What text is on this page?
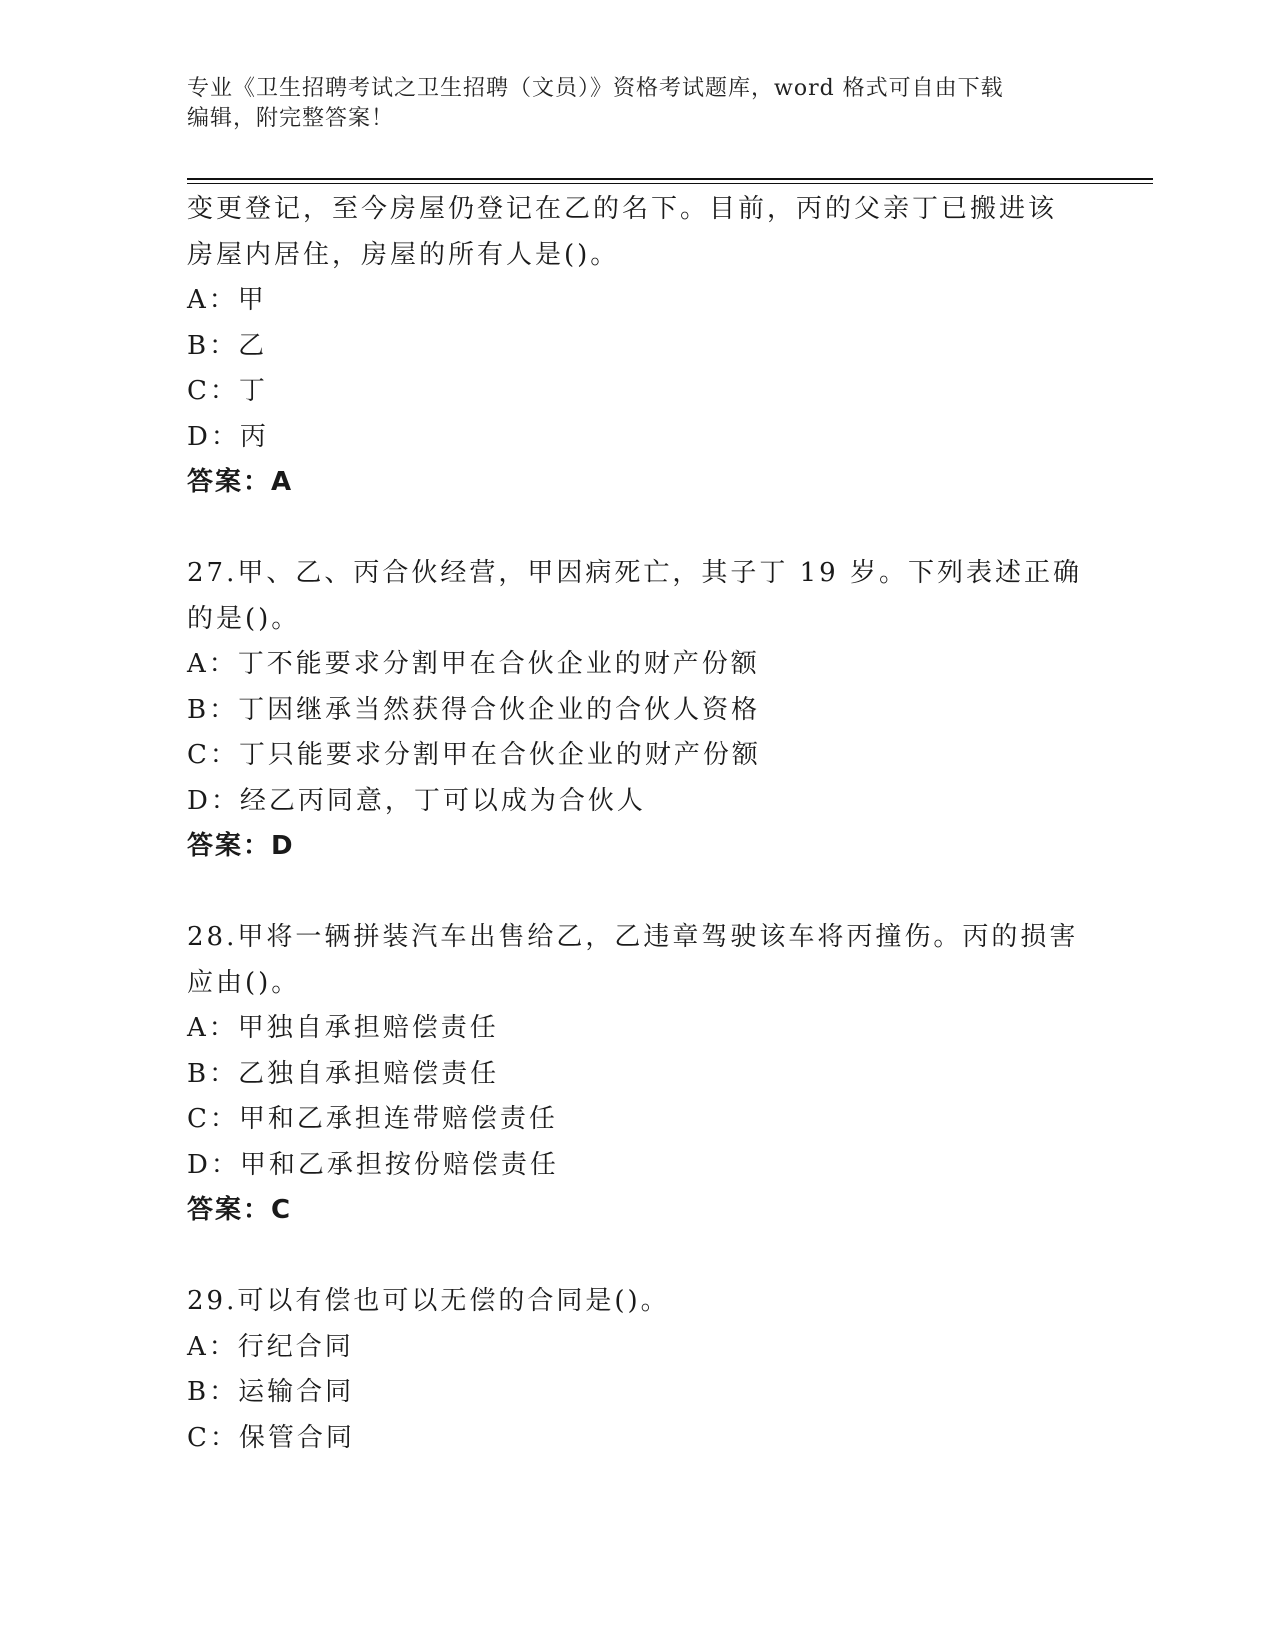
专业《卫生招聘考试之卫生招聘（文员）》资格考试题库，word 格式可自由下载
编辑，附完整答案！
变更登记，至今房屋仍登记在乙的名下。目前，丙的父亲丁已搬进该
房屋内居住，房屋的所有人是()。
A：甲
B：乙
C：丁
D：丙
答案：A
27.甲、乙、丙合伙经营，甲因病死亡，其子丁 19 岁。下列表述正确
的是()。
A：丁不能要求分割甲在合伙企业的财产份额
B：丁因继承当然获得合伙企业的合伙人资格
C：丁只能要求分割甲在合伙企业的财产份额
D：经乙丙同意，丁可以成为合伙人
答案：D
28.甲将一辆拼装汽车出售给乙，乙违章驾驶该车将丙撞伤。丙的损害
应由()。
A：甲独自承担赔偿责任
B：乙独自承担赔偿责任
C：甲和乙承担连带赔偿责任
D：甲和乙承担按份赔偿责任
答案：C
29.可以有偿也可以无偿的合同是()。
A：行纪合同
B：运输合同
C：保管合同
